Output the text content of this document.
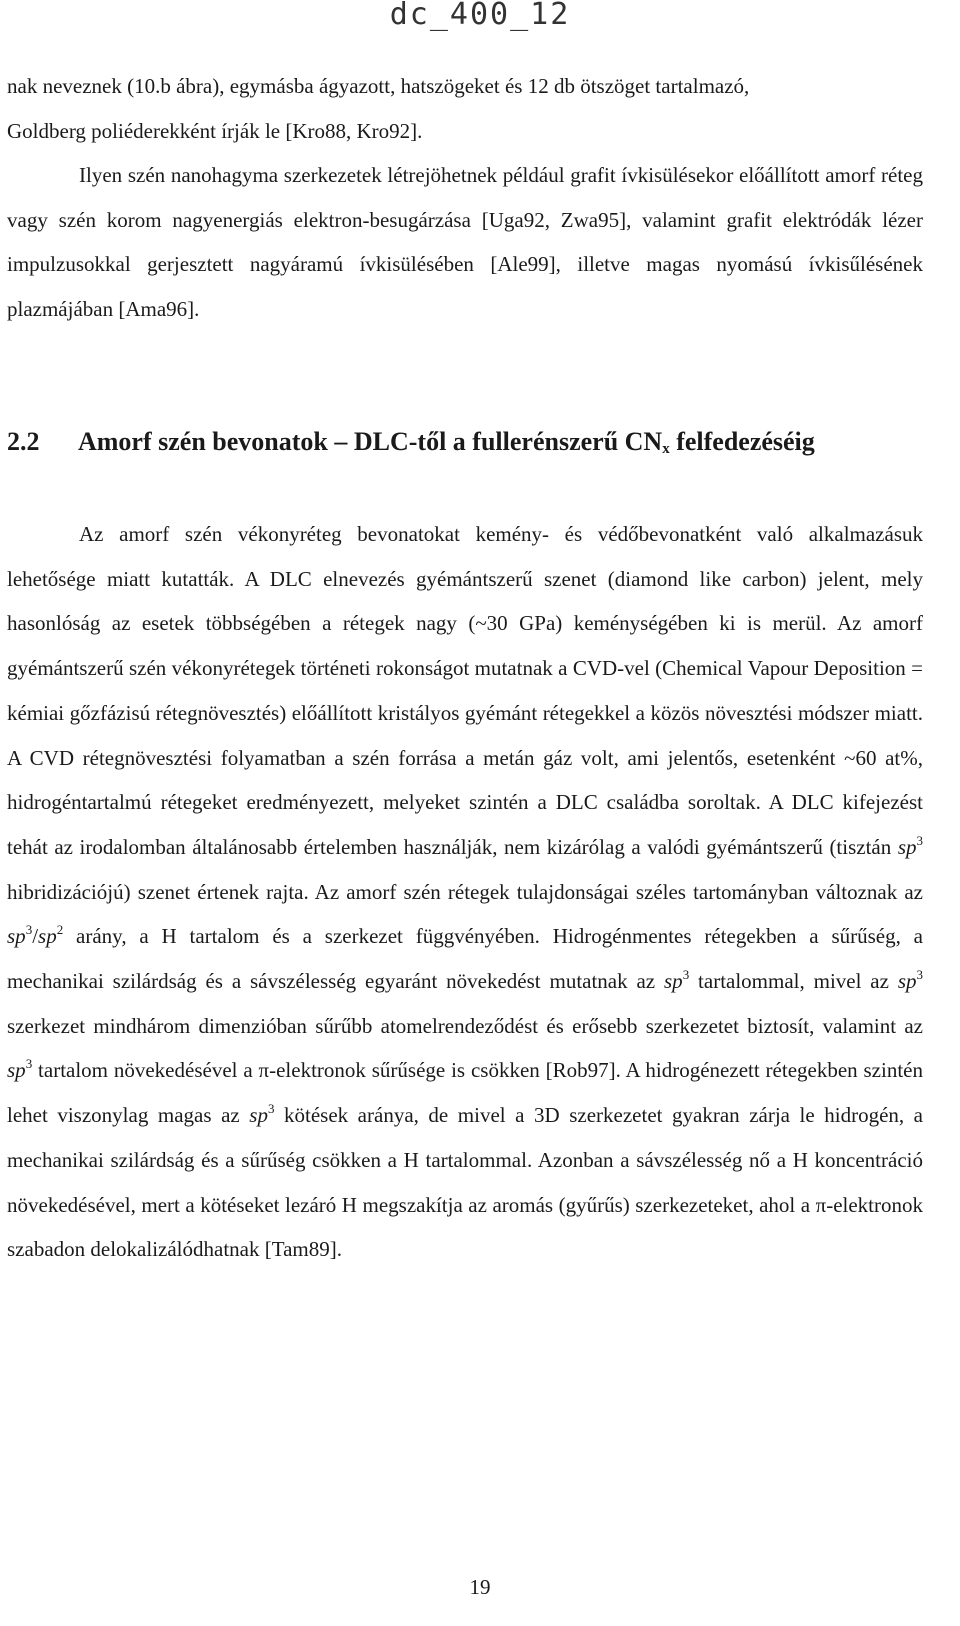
dc_400_12

nak neveznek (10.b ábra), egymásba ágyazott, hatszögeket és 12 db ötszöget tartalmazó,
Goldberg poliéderekként írják le [Kro88, Kro92].
Ilyen szén nanohagyma szerkezetek létrejöhetnek például grafit ívkisülésekor előállított amorf réteg vagy szén korom nagyenergiás elektron-besugárzása [Uga92, Zwa95], valamint grafit elektródák lézer impulzusokkal gerjesztett nagyáramú ívkisülésében [Ale99], illetve magas nyomású ívkisűlésének plazmájában [Ama96].

2.2 Amorf szén bevonatok – DLC-től a fullerénszerű $CN_x$ felfedezéséig

Az amorf szén vékonyréteg bevonatokat kemény- és védőbevonatként való alkalmazásuk lehetősége miatt kutatták. A DLC elnevezés gyémántszerű szenet (diamond like carbon) jelent, mely hasonlóság az esetek többségében a rétegek nagy (~30 GPa) keménységében ki is merül. Az amorf gyémántszerű szén vékonyrétegek történeti rokonságot mutatnak a CVD-vel (Chemical Vapour Deposition = kémiai gőzfázisú rétegnövesztés) előállított kristályos gyémánt rétegekkel a közös növesztési módszer miatt. A CVD rétegnövesztési folyamatban a szén forrása a metán gáz volt, ami jelentős, esetenként ~60 at%, hidrogéntartalmú rétegeket eredményezett, melyeket szintén a DLC családba soroltak. A DLC kifejezést tehát az irodalomban általánosabb értelemben használják, nem kizárólag a valódi gyémántszerű (tisztán $sp^3$ hibridizációjú) szenet értenek rajta. Az amorf szén rétegek tulajdonságai széles tartományban változnak az $sp^3/sp^2$ arány, a H tartalom és a szerkezet függvényében. Hidrogénmentes rétegekben a sűrűség, a mechanikai szilárdság és a sávszélesség egyaránt növekedést mutatnak az $sp^3$ tartalommal, mivel az $sp^3$ szerkezet mindhárom dimenzióban sűrűbb atomelrendeződést és erősebb szerkezetet biztosít, valamint az $sp^3$ tartalom növekedésével a π-elektronok sűrűsége is csökken [Rob97]. A hidrogénezett rétegekben szintén lehet viszonylag magas az $sp^3$ kötések aránya, de mivel a 3D szerkezetet gyakran zárja le hidrogén, a mechanikai szilárdság és a sűrűség csökken a H tartalommal. Azonban a sávszélesség nő a H koncentráció növekedésével, mert a kötéseket lezáró H megszakítja az aromás (gyűrűs) szerkezeteket, ahol a π-elektronok szabadon delokalizálódhatnak [Tam89].

19
